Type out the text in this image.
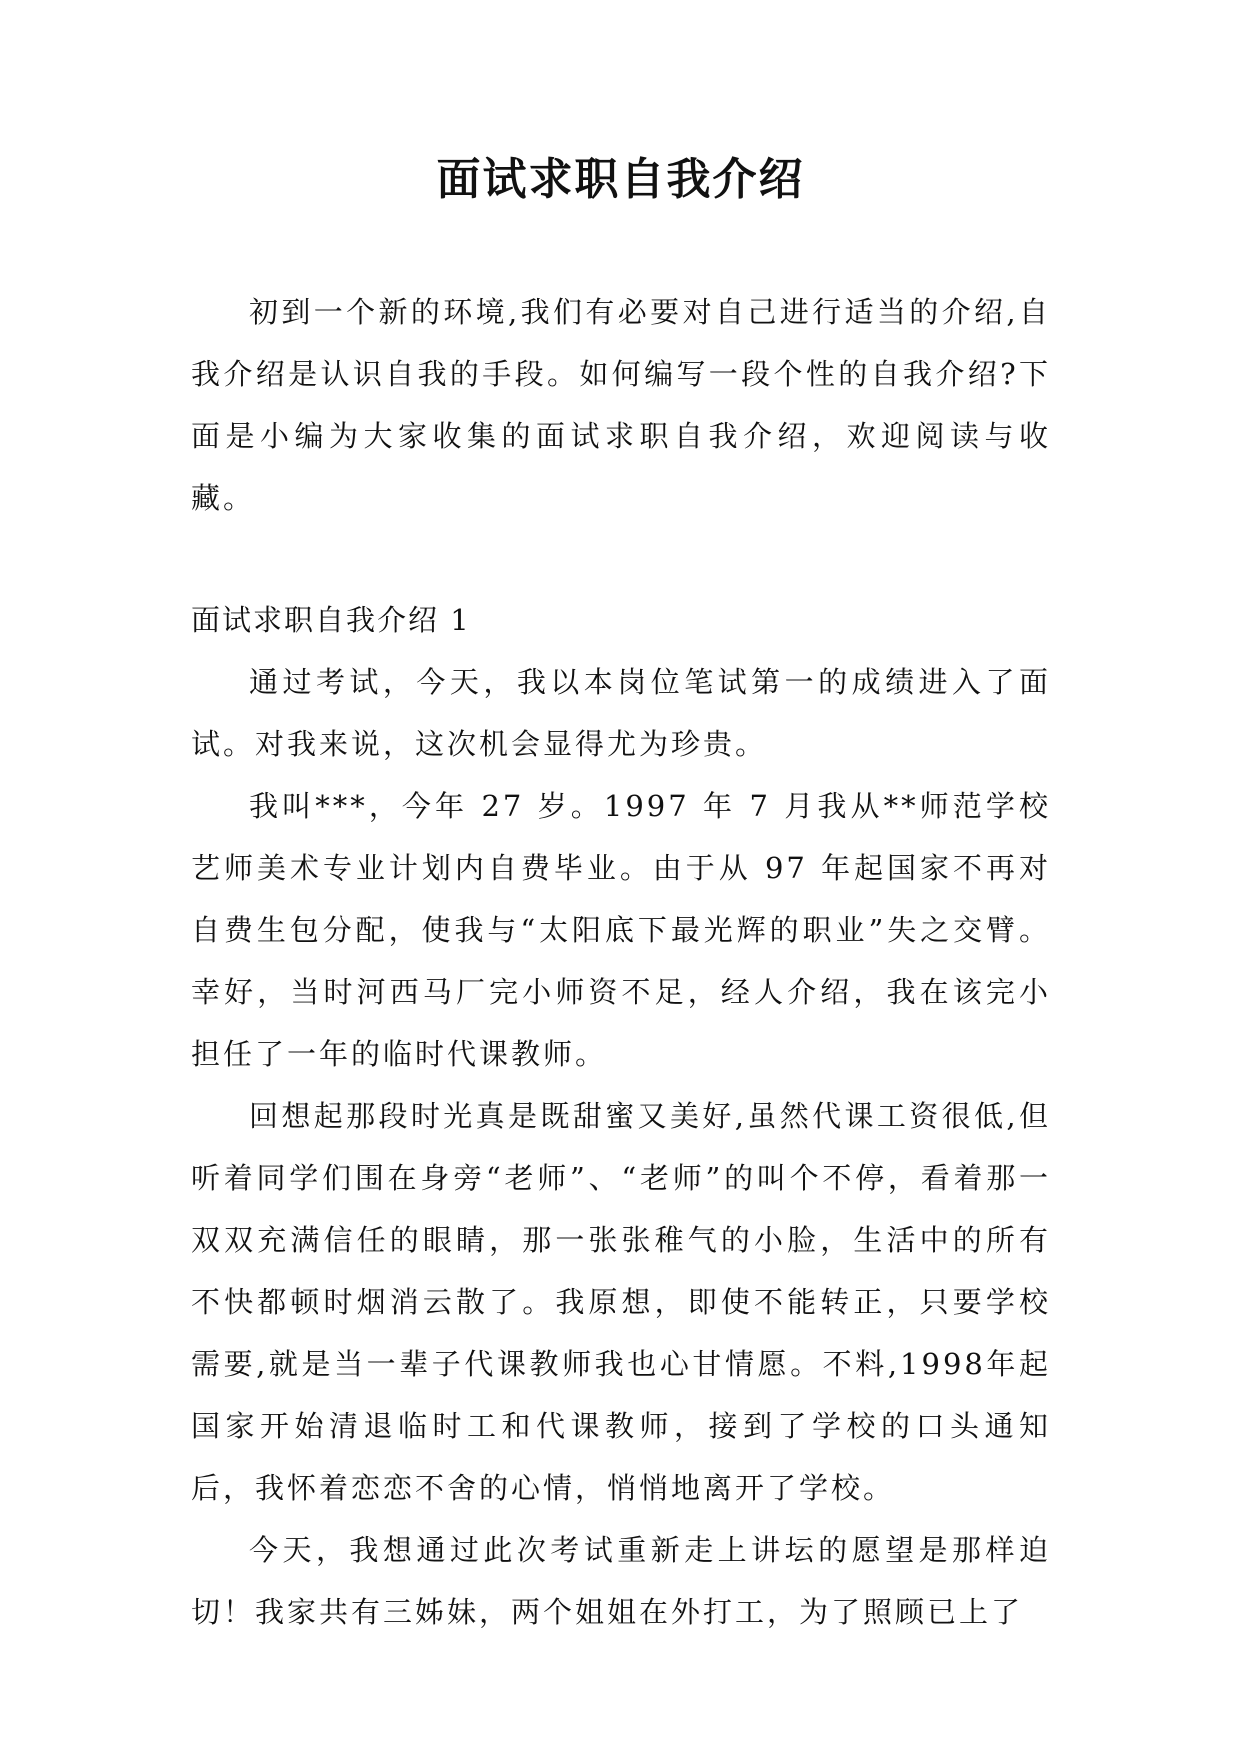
面试求职自我介绍

初到一个新的环境,我们有必要对自己进行适当的介绍,自我介绍是认识自我的手段。如何编写一段个性的自我介绍?下面是小编为大家收集的面试求职自我介绍，欢迎阅读与收藏。

面试求职自我介绍 1

通过考试，今天，我以本岗位笔试第一的成绩进入了面试。对我来说，这次机会显得尤为珍贵。

我叫***，今年 27 岁。1997 年 7 月我从**师范学校艺师美术专业计划内自费毕业。由于从 97 年起国家不再对自费生包分配，使我与“太阳底下最光辉的职业”失之交臂。幸好，当时河西马厂完小师资不足，经人介绍，我在该完小担任了一年的临时代课教师。

回想起那段时光真是既甜蜜又美好,虽然代课工资很低,但听着同学们围在身旁“老师”、“老师”的叫个不停，看着那一双双充满信任的眼睛，那一张张稚气的小脸，生活中的所有不快都顿时烟消云散了。我原想，即使不能转正，只要学校需要,就是当一辈子代课教师我也心甘情愿。不料,1998年起国家开始清退临时工和代课教师，接到了学校的口头通知后，我怀着恋恋不舍的心情，悄悄地离开了学校。

今天，我想通过此次考试重新走上讲坛的愿望是那样迫切！我家共有三姊妹，两个姐姐在外打工，为了照顾已上了
